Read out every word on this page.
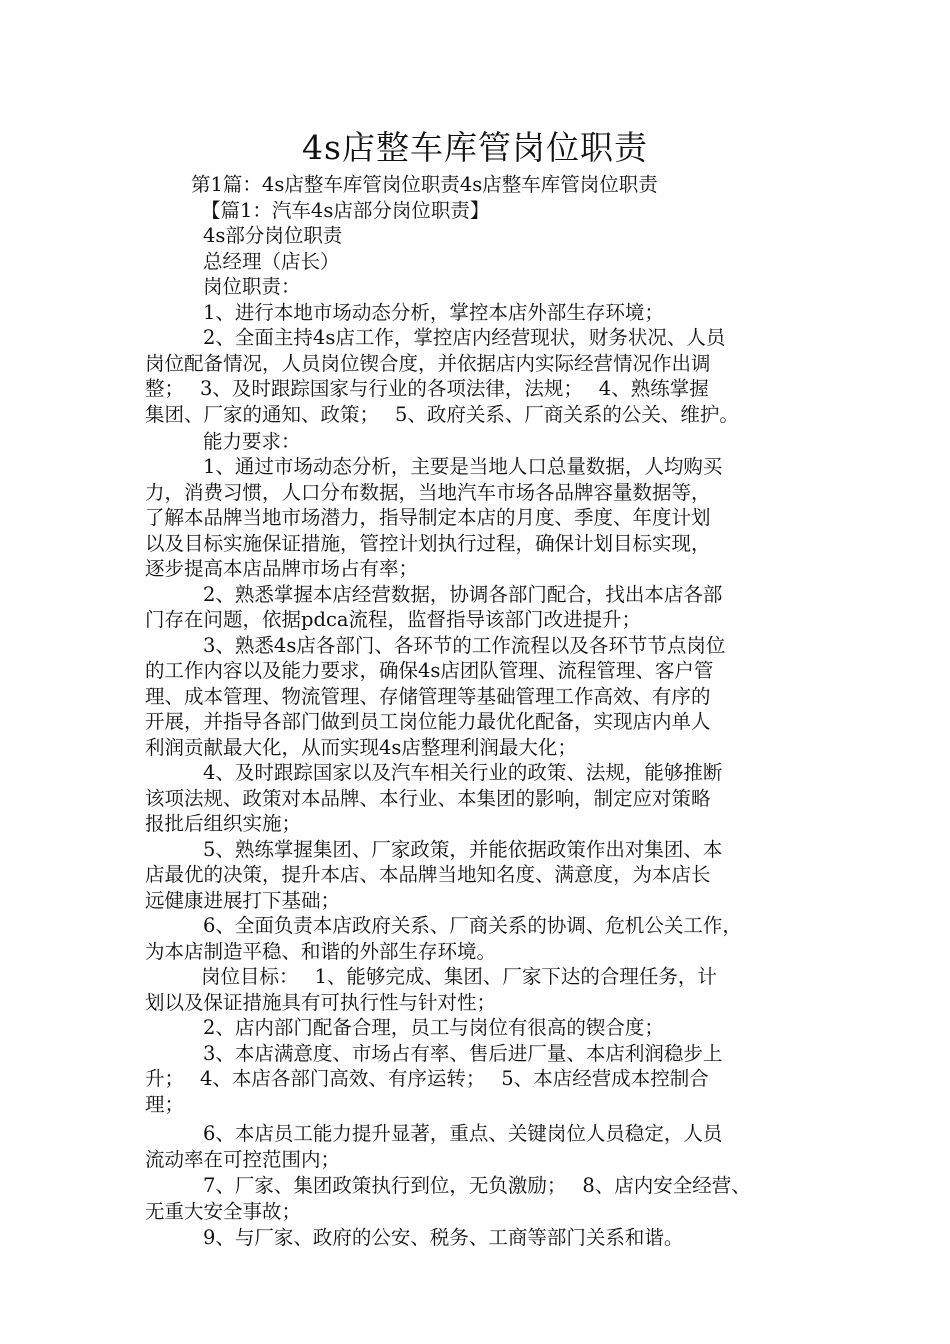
4s店整车库管岗位职责
第1篇：4s店整车库管岗位职责4s店整车库管岗位职责
【篇1：汽车4s店部分岗位职责】
4s部分岗位职责
总经理（店长）
岗位职责：
1、进行本地市场动态分析，掌控本店外部生存环境；
2、全面主持4s店工作，掌控店内经营现状，财务状况、人员
岗位配备情况，人员岗位锲合度，并依据店内实际经营情况作出调
整；　 3、及时跟踪国家与行业的各项法律，法规；　 4、熟练掌握
集团、厂家的通知、政策；　 5、政府关系、厂商关系的公关、维护。
能力要求：
1、通过市场动态分析，主要是当地人口总量数据，人均购买
力，消费习惯，人口分布数据，当地汽车市场各品牌容量数据等，
了解本品牌当地市场潜力，指导制定本店的月度、季度、年度计划
以及目标实施保证措施，管控计划执行过程，确保计划目标实现，
逐步提高本店品牌市场占有率；
2、熟悉掌握本店经营数据，协调各部门配合，找出本店各部
门存在问题，依据pdca流程，监督指导该部门改进提升；
3、熟悉4s店各部门、各环节的工作流程以及各环节节点岗位
的工作内容以及能力要求，确保4s店团队管理、流程管理、客户管
理、成本管理、物流管理、存储管理等基础管理工作高效、有序的
开展，并指导各部门做到员工岗位能力最优化配备，实现店内单人
利润贡献最大化，从而实现4s店整理利润最大化；
4、及时跟踪国家以及汽车相关行业的政策、法规，能够推断
该项法规、政策对本品牌、本行业、本集团的影响，制定应对策略
报批后组织实施；
5、熟练掌握集团、厂家政策，并能依据政策作出对集团、本
店最优的决策，提升本店、本品牌当地知名度、满意度，为本店长
远健康进展打下基础；
6、全面负责本店政府关系、厂商关系的协调、危机公关工作，
为本店制造平稳、和谐的外部生存环境。
岗位目标：　 1、能够完成、集团、厂家下达的合理任务，计
划以及保证措施具有可执行性与针对性；
2、店内部门配备合理，员工与岗位有很高的锲合度；
3、本店满意度、市场占有率、售后进厂量、本店利润稳步上
升；　 4、本店各部门高效、有序运转；　 5、本店经营成本控制合
理；
6、本店员工能力提升显著，重点、关键岗位人员稳定，人员
流动率在可控范围内；
7、厂家、集团政策执行到位，无负激励；　 8、店内安全经营、
无重大安全事故；
9、与厂家、政府的公安、税务、工商等部门关系和谐。
